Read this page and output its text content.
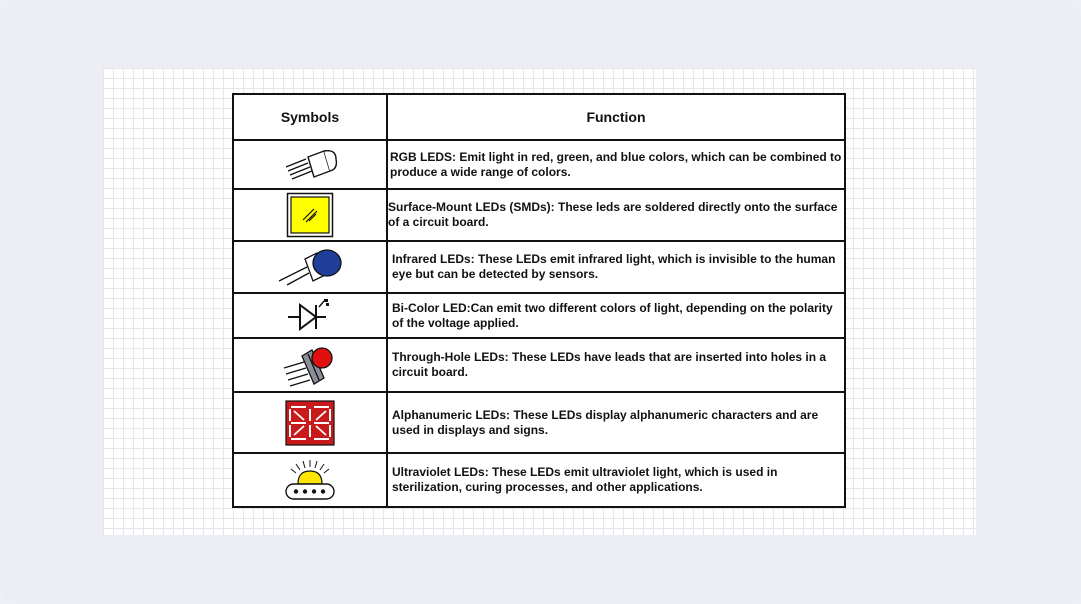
Symbols	Function

	RGB LEDS: Emit light in red, green, and blue colors, which can be combined to produce a wide range of colors.

	Surface-Mount LEDs (SMDs): These leds are soldered directly onto the surface of a circuit board.

	Infrared LEDs: These LEDs emit infrared light, which is invisible to the human eye but can be detected by sensors.

	Bi-Color LED:Can emit two different colors of light, depending on the polarity of the voltage applied.

	Through-Hole LEDs: These LEDs have leads that are inserted into holes in a circuit board.

	Alphanumeric LEDs: These LEDs display alphanumeric characters and are used in displays and signs.

	Ultraviolet LEDs: These LEDs emit ultraviolet light, which is used in sterilization, curing processes, and other applications.
